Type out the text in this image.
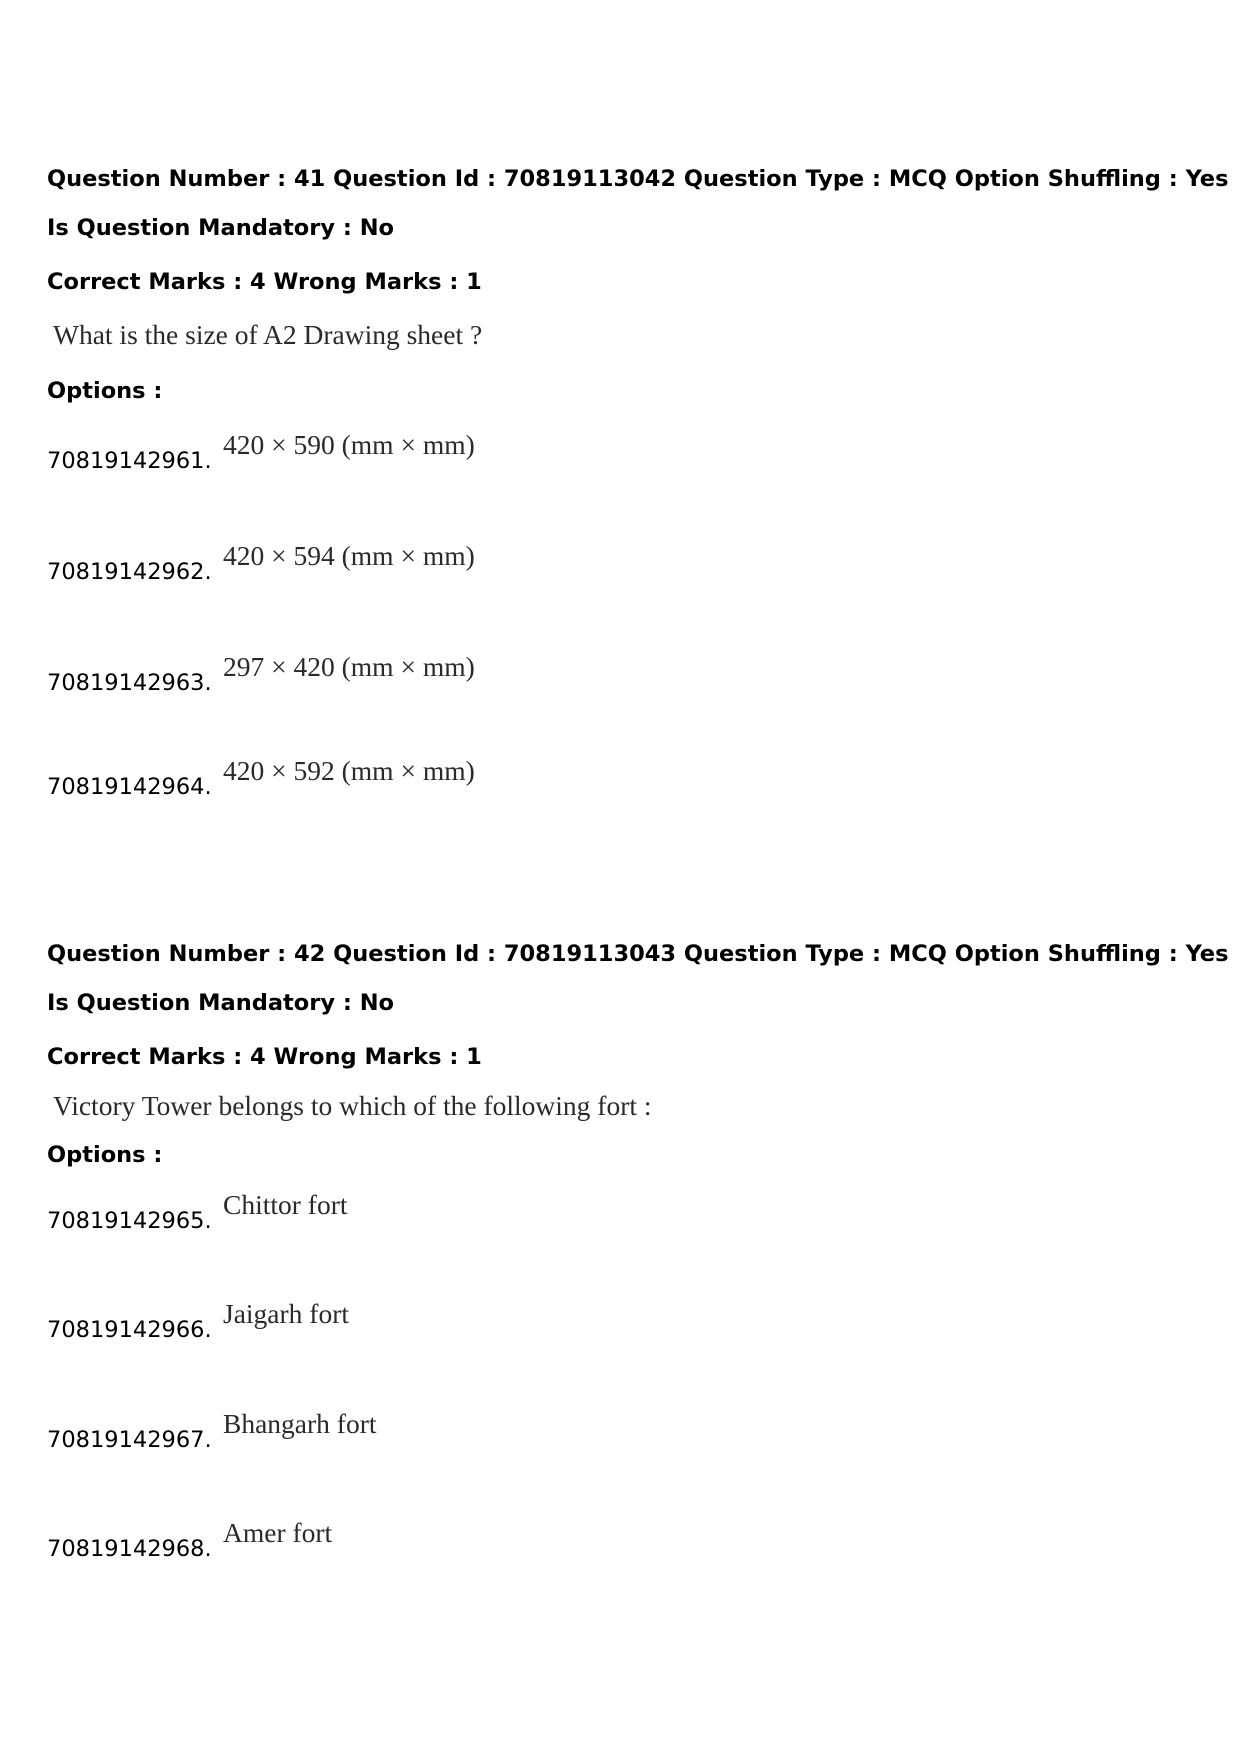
Question Number : 41 Question Id : 70819113042 Question Type : MCQ Option Shuffling : Yes
Is Question Mandatory : No
Correct Marks : 4 Wrong Marks : 1
What is the size of A2 Drawing sheet ?
Options :
70819142961.
420 × 590 (mm × mm)
70819142962.
420 × 594 (mm × mm)
70819142963.
297 × 420 (mm × mm)
70819142964.
420 × 592 (mm × mm)
Question Number : 42 Question Id : 70819113043 Question Type : MCQ Option Shuffling : Yes
Is Question Mandatory : No
Correct Marks : 4 Wrong Marks : 1
Victory Tower belongs to which of the following fort :
Options :
70819142965.
Chittor fort
70819142966.
Jaigarh fort
70819142967.
Bhangarh fort
70819142968.
Amer fort
